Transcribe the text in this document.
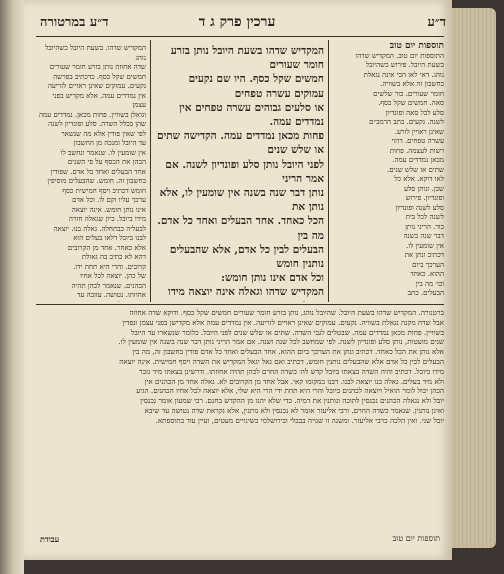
ד״ע
ערכין פרק ג ד
ד״ע במרטורה

תוספות יום טוב

התוספות יום טוב. המקדיש שדהו

בשעת היובל. פירוש כשהיובל

נוהג. דאי לאו הכי אינה נגאלת

בחשבון זה אלא בשוויה.

חומר שעורים. כור שלשים

סאה. חמשים שקל כסף.

סלע לכל סאה ופונדיון

לשנה. נקעים. כתב הרמב״ם

שאינן ראויין לזרע.

עשרה טפחים. דהוי

רשות לעצמה. פחות

מכאן נמדדים עמה.

שתים או שלש שנים.

לאו דוקא. אלא כל

שכן. ונותן סלע

ופונדיון. פירוש

סלע לשנה ופונדיון

לשנה לכל בית

כור. הריני נותן

דבר שנה בשנה

אין שומעין לו.

דכתיב ונתן את

הערכך ביום

ההוא. כאחד

וכו׳ מה בין

הבעלים. כתב

המקדיש שדהו בשעת היובל נותן בזרע חומר שעורים

חמשים שקל כסף. היו שם נקעים עמוקים עשרה טפחים

או סלעים גבוהים עשרה טפחים אין נמדדים עמה.

פחות מכאן נמדדים עמה. הקדישה שתים או שלש שנים

לפני היובל נותן סלע ופונדיון לשנה. אם אמר הריני

נותן דבר שנה בשנה אין שומעין לו, אלא נותן את

הכל כאחד. אחד הבעלים ואחד כל אדם. מה בין

הבעלים לבין כל אדם, אלא שהבעלים נותנין חומש

וכל אדם אינו נותן חומש:

המקדיש שדהו וגאלה אינה יוצאה מידו

המקדיש שדהו. בשעת היובל כשהיובל נוהג

שדה אחוזה נותן בזרע חומר שעורים

חמשים שקל כסף. כדכתיב בפרשה

נקעים. עמוקים שאינן ראויים לזריעה

אין נמדדים עמה. אלא מקדיש בפני עצמן

וגואלן בשוויין. פחות מכאן. נמדדים עמה

שהן בכלל השדה. סלע ופונדיון לשנה

לפי שאין פודין אלא מה שנשאר

עד היובל ומנכה מן החשבון

אין שומעין לו. שנאמר ונחשב לו

הכהן את הכסף על פי השנים

אחד הבעלים ואחד כל אדם. שפודין

בחשבון זה. חומש. שהבעלים מוסיפין

חומש דכתיב ויסף חמישית כסף

ערכך עליו וקם לו. וכל אדם

אינו נותן חומש. אינה יוצאה

מידו ביובל. כיון שגאלה חזרה

לבעליה כבתחלה. גאלה בנו. יוצאה

לבנו ביובל דלאו בעלים הוא

אלא כאחר. אחד מן הקרובים

דהא לא כתיב בה גאולת

קרובים. והרי היא תחת ידו.

של כהן. יוצאה לכל אחיו

הכהנים. שנאמר לכהן תהיה

אחוזתו. נטושה. עזובה עד

ברטנורה. המקדיש שדהו בשעת היובל. שהיובל נוהג, נותן בזרע חומר שעורים חמשים שקל כסף. ודוקא שדה אחוזה

אבל שדה מקנה נגאלת בשוויה. נקעים. עמוקים שאינן ראויים לזריעה. אין נמדדים עמה אלא מקדישן בפני עצמן ונפדין

בשוויין. פחות מכאן נמדדים עמה. שבטלים לגבי השדה. שתים או שלש שנים לפני היובל. כלומר שנשארו עד היובל

שנים מועטות, נותן סלע ופונדיון לשנה. לפי שמחשב לכל שנה ושנה. אם אמר הריני נותן דבר שנה בשנה אין שומעין לו.

אלא נותן את הכל כאחד. דכתיב ונתן את הערכך ביום ההוא. אחד הבעלים ואחד כל אדם פודין בחשבון זה, מה בין

הבעלים לבין כל אדם אלא שהבעלים נותנין חומש, דכתיב ואם גאל יגאל המקדיש את השדה ויסף חמישית. אינה יוצאה

מידו ביובל. דכתיב והיה השדה בצאתו ביובל קדש לה׳ כשדה החרם לכהן תהיה אחוזתו. ודרשינן בצאתו מיד גזבר

ולא מיד בעלים. גאלה בנו יוצאה לבנו. דבנו במקומו קאי. אבל אחד מן הקרובים לא. גאלה אחד מן הכהנים אין

הכהן יכול לומר הואיל ויוצאה לכהנים ביובל והרי היא תחת ידי הרי היא שלי, אלא יוצאה לכל אחיו הכהנים. הגיע

יובל ולא נגאלה הכהנים נכנסין לתוכה ונותנין את דמיה. כדי שלא יהנו מן ההקדש בחנם. רבי שמעון אומר נכנסין

ואינן נותנין. שנאמר כשדה החרם. ורבי אליעזר אומר לא נכנסין ולא נותנין, אלא נקראת שדה נטושה עד שיבא

יובל שני. ואין הלכה כרבי אליעזר. ומשנה זו שנויה בבבלי ובירושלמי בשינויים מעטים, ועיין עוד בתוספתא.

עבודת	תוספות יום טוב
